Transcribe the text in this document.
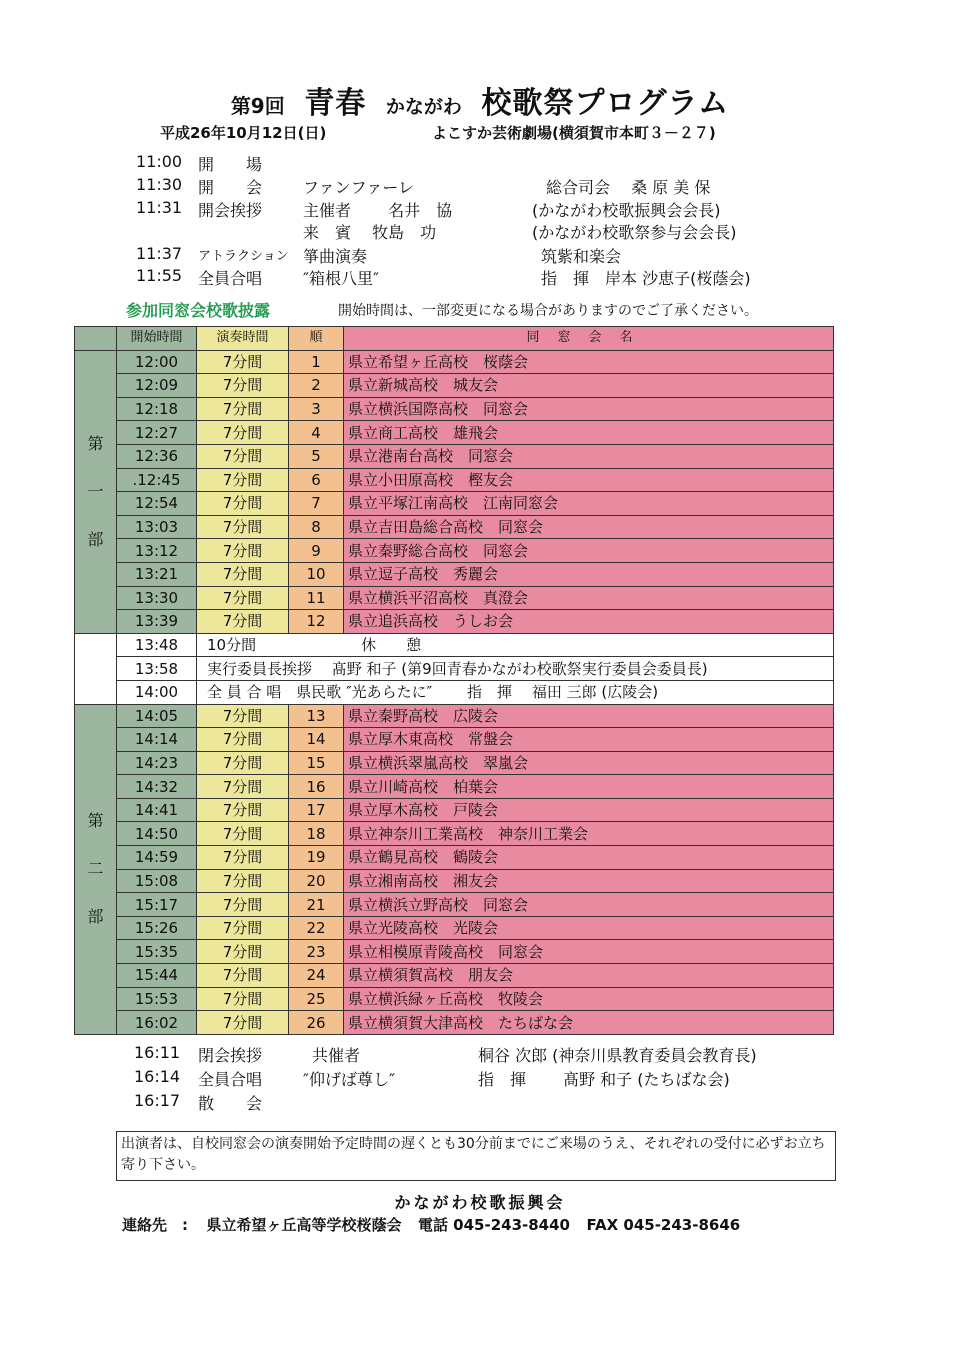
第9回 青春 かながわ 校歌祭プログラム
平成26年10月12日(日)	よこすか芸術劇場(横須賀市本町３－２７)
11:00 開　　場
11:30 開　　会	ファンファーレ	総合司会　 桑 原 美 保
11:31 開会挨拶	主催者　　 名井　協	(かながわ校歌振興会会長)
来　賓　 牧島　功	(かながわ校歌祭参与会会長)
11:37 アトラクション 箏曲演奏	筑紫和楽会
11:55 全員合唱	″箱根八里″	指　揮　岸本 沙恵子(桜蔭会)
参加同窓会校歌披露	開始時間は、一部変更になる場合がありますのでご了承ください。
	開始時間	演奏時間	順	同窓会名
第
一
部	12:00	7分間	1	県立希望ヶ丘高校　桜蔭会
	12:09	7分間	2	県立新城高校　城友会
	12:18	7分間	3	県立横浜国際高校　同窓会
	12:27	7分間	4	県立商工高校　雄飛会
	12:36	7分間	5	県立港南台高校　同窓会
	.12:45	7分間	6	県立小田原高校　樫友会
	12:54	7分間	7	県立平塚江南高校　江南同窓会
	13:03	7分間	8	県立吉田島総合高校　同窓会
	13:12	7分間	9	県立秦野総合高校　同窓会
	13:21	7分間	10	県立逗子高校　秀麗会
	13:30	7分間	11	県立横浜平沼高校　真澄会
	13:39	7分間	12	県立追浜高校　うしお会
	13:48	10分間　　　　　　　休　　憩		
	13:58	実行委員長挨拶　 髙野 和子 (第9回青春かながわ校歌祭実行委員会委員長)		
	14:00	全 員 合 唱　県民歌 ″光あらたに″　　 指　揮　 福田 三郎 (広陵会)		
第
二
部	14:05	7分間	13	県立秦野高校　広陵会
	14:14	7分間	14	県立厚木東高校　常盤会
	14:23	7分間	15	県立横浜翠嵐高校　翠嵐会
	14:32	7分間	16	県立川崎高校　柏葉会
	14:41	7分間	17	県立厚木高校　戸陵会
	14:50	7分間	18	県立神奈川工業高校　神奈川工業会
	14:59	7分間	19	県立鶴見高校　鶴陵会
	15:08	7分間	20	県立湘南高校　湘友会
	15:17	7分間	21	県立横浜立野高校　同窓会
	15:26	7分間	22	県立光陵高校　光陵会
	15:35	7分間	23	県立相模原青陵高校　同窓会
	15:44	7分間	24	県立横須賀高校　朋友会
	15:53	7分間	25	県立横浜緑ヶ丘高校　牧陵会
	16:02	7分間	26	県立横須賀大津高校　たちばな会
16:11 閉会挨拶	共催者	桐谷 次郎 (神奈川県教育委員会教育長)
16:14 全員合唱	″仰げば尊し″	指　揮　　 髙野 和子 (たちばな会)
16:17 散　　会
出演者は、自校同窓会の演奏開始予定時間の遅くとも30分前までにご来場のうえ、それぞれの受付に必ずお立ち寄り下さい。
かながわ校歌振興会
連絡先　: 県立希望ヶ丘高等学校桜蔭会 電話 045-243-8440 FAX 045-243-8646
